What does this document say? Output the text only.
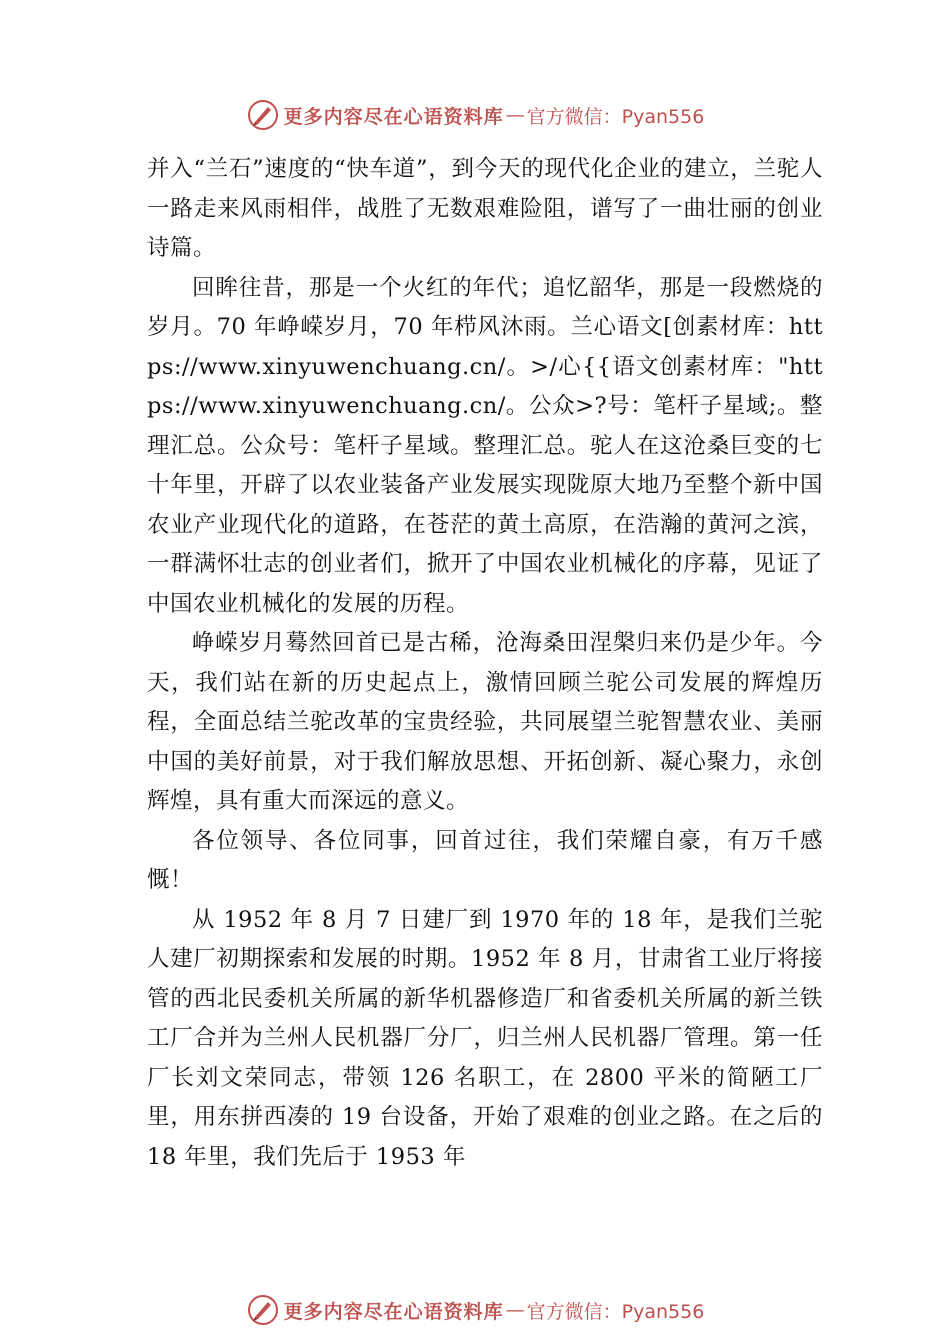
更多内容尽在心语资料库 — 官方微信：Pyan556

并入“兰石”速度的“快车道”，到今天的现代化企业的建立，兰驼人一路走来风雨相伴，战胜了无数艰难险阻，谱写了一曲壮丽的创业诗篇。

回眸往昔，那是一个火红的年代；追忆韶华，那是一段燃烧的岁月。70 年峥嵘岁月，70 年栉风沐雨。兰心语文[创素材库：https://www.xinyuwenchuang.cn/。>/心{{语文创素材库："https://www.xinyuwenchuang.cn/。公众>?号：笔杆子星域;。整理汇总。公众号：笔杆子星域。整理汇总。驼人在这沧桑巨变的七十年里，开辟了以农业装备产业发展实现陇原大地乃至整个新中国农业产业现代化的道路，在苍茫的黄土高原，在浩瀚的黄河之滨，一群满怀壮志的创业者们，掀开了中国农业机械化的序幕，见证了中国农业机械化的发展的历程。

峥嵘岁月蓦然回首已是古稀，沧海桑田涅槃归来仍是少年。今天，我们站在新的历史起点上，激情回顾兰驼公司发展的辉煌历程，全面总结兰驼改革的宝贵经验，共同展望兰驼智慧农业、美丽中国的美好前景，对于我们解放思想、开拓创新、凝心聚力，永创辉煌，具有重大而深远的意义。

各位领导、各位同事，回首过往，我们荣耀自豪，有万千感慨！

从 1952 年 8 月 7 日建厂到 1970 年的 18 年，是我们兰驼人建厂初期探索和发展的时期。1952 年 8 月，甘肃省工业厅将接管的西北民委机关所属的新华机器修造厂和省委机关所属的新兰铁工厂合并为兰州人民机器厂分厂，归兰州人民机器厂管理。第一任厂长刘文荣同志，带领 126 名职工，在 2800 平米的简陋工厂里，用东拼西凑的 19 台设备，开始了艰难的创业之路。在之后的 18 年里，我们先后于 1953 年

更多内容尽在心语资料库 — 官方微信：Pyan556
